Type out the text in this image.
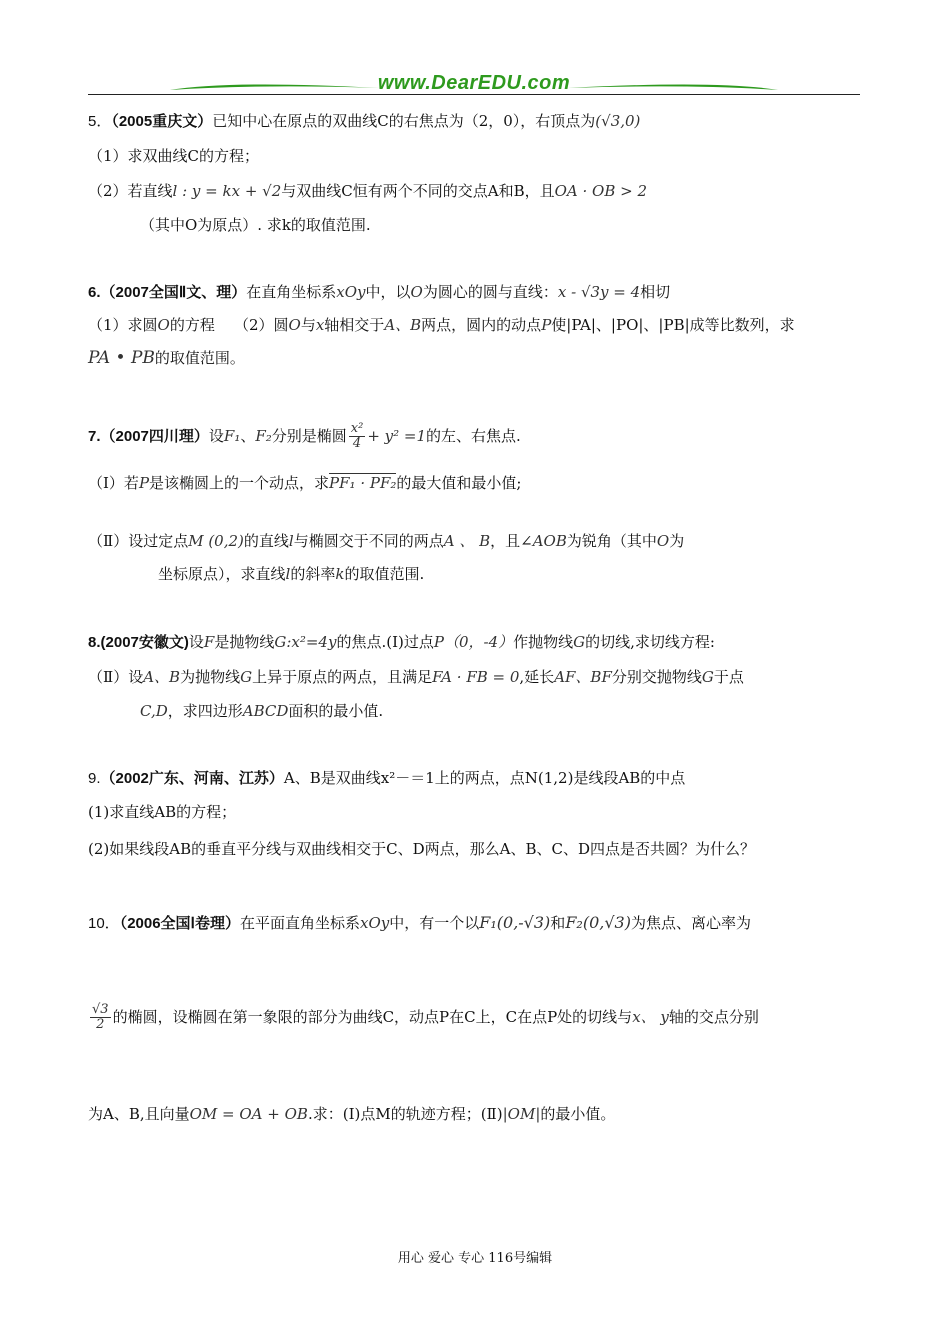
www.DearEDU.com
5．（2005重庆文）已知中心在原点的双曲线C的右焦点为（2，0），右顶点为(√3,0)
（1）求双曲线C的方程；
（2）若直线l : y = kx + √2与双曲线C恒有两个不同的交点A和B，且OA · OB > 2
（其中O为原点）. 求k的取值范围.
6.（2007全国Ⅱ文、理）在直角坐标系xOy中，以O为圆心的圆与直线：x - √3y = 4相切
（1）求圆O的方程 （2）圆O与x轴相交于A、B两点，圆内的动点P使|PA|、|PO|、|PB|成等比数列，求
PA • PB的取值范围。
7.（2007四川理）设F₁、F₂分别是椭圆 $\frac{\text{x²}}{4} + y^2 =1$的左、右焦点.
（Ⅰ）若P是该椭圆上的一个动点，求PF₁ · PF₂的最大值和最小值;
（Ⅱ）设过定点M (0,2)的直线l与椭圆交于不同的两点A 、 B，且∠AOB为锐角（其中O为
坐标原点），求直线l的斜率k的取值范围.
8.(2007安徽文)设F是抛物线G:x²=4y的焦点.(Ⅰ)过点P（0，-4）作抛物线G的切线,求切线方程:
（Ⅱ）设A、B为抛物线G上异于原点的两点，且满足FA · FB = 0,延长AF、BF分别交抛物线G于点
C,D，求四边形ABCD面积的最小值.
9.（2002广东、河南、江苏）A、B是双曲线x²－＝1上的两点，点N(1,2)是线段AB的中点
(1)求直线AB的方程；
(2)如果线段AB的垂直平分线与双曲线相交于C、D两点，那么A、B、C、D四点是否共圆？为什么？
10．（2006全国Ⅰ卷理）在平面直角坐标系xOy中，有一个以F₁(0,-√3)和F₂(0,√3)为焦点、离心率为
$\frac{√3}{2}$ 的椭圆，设椭圆在第一象限的部分为曲线C，动点P在C上，C在点P处的切线与x、 y轴的交点分别
为A、B,且向量OM = OA + OB.求：(Ⅰ)点M的轨迹方程；(Ⅱ)|OM|的最小值。
用心 爱心 专心 116号编辑
